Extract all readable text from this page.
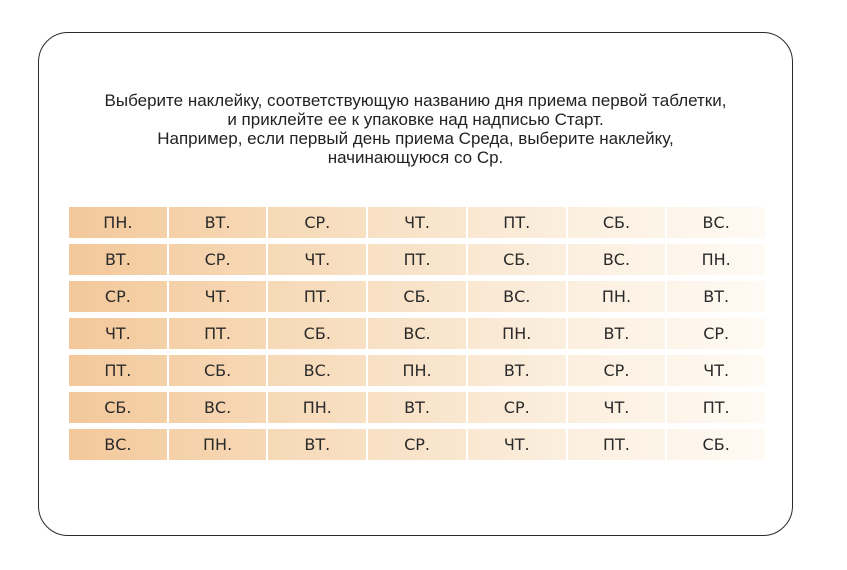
Выберите наклейку, соответствующую названию дня приема первой таблетки,
и приклейте ее к упаковке над надписью Старт.
Например, если первый день приема Среда, выберите наклейку,
начинающуюся со Ср.
ПН.	ВТ.	СР.	ЧТ.	ПТ.	СБ.	ВС.
ВТ.	СР.	ЧТ.	ПТ.	СБ.	ВС.	ПН.
СР.	ЧТ.	ПТ.	СБ.	ВС.	ПН.	ВТ.
ЧТ.	ПТ.	СБ.	ВС.	ПН.	ВТ.	СР.
ПТ.	СБ.	ВС.	ПН.	ВТ.	СР.	ЧТ.
СБ.	ВС.	ПН.	ВТ.	СР.	ЧТ.	ПТ.
ВС.	ПН.	ВТ.	СР.	ЧТ.	ПТ.	СБ.
